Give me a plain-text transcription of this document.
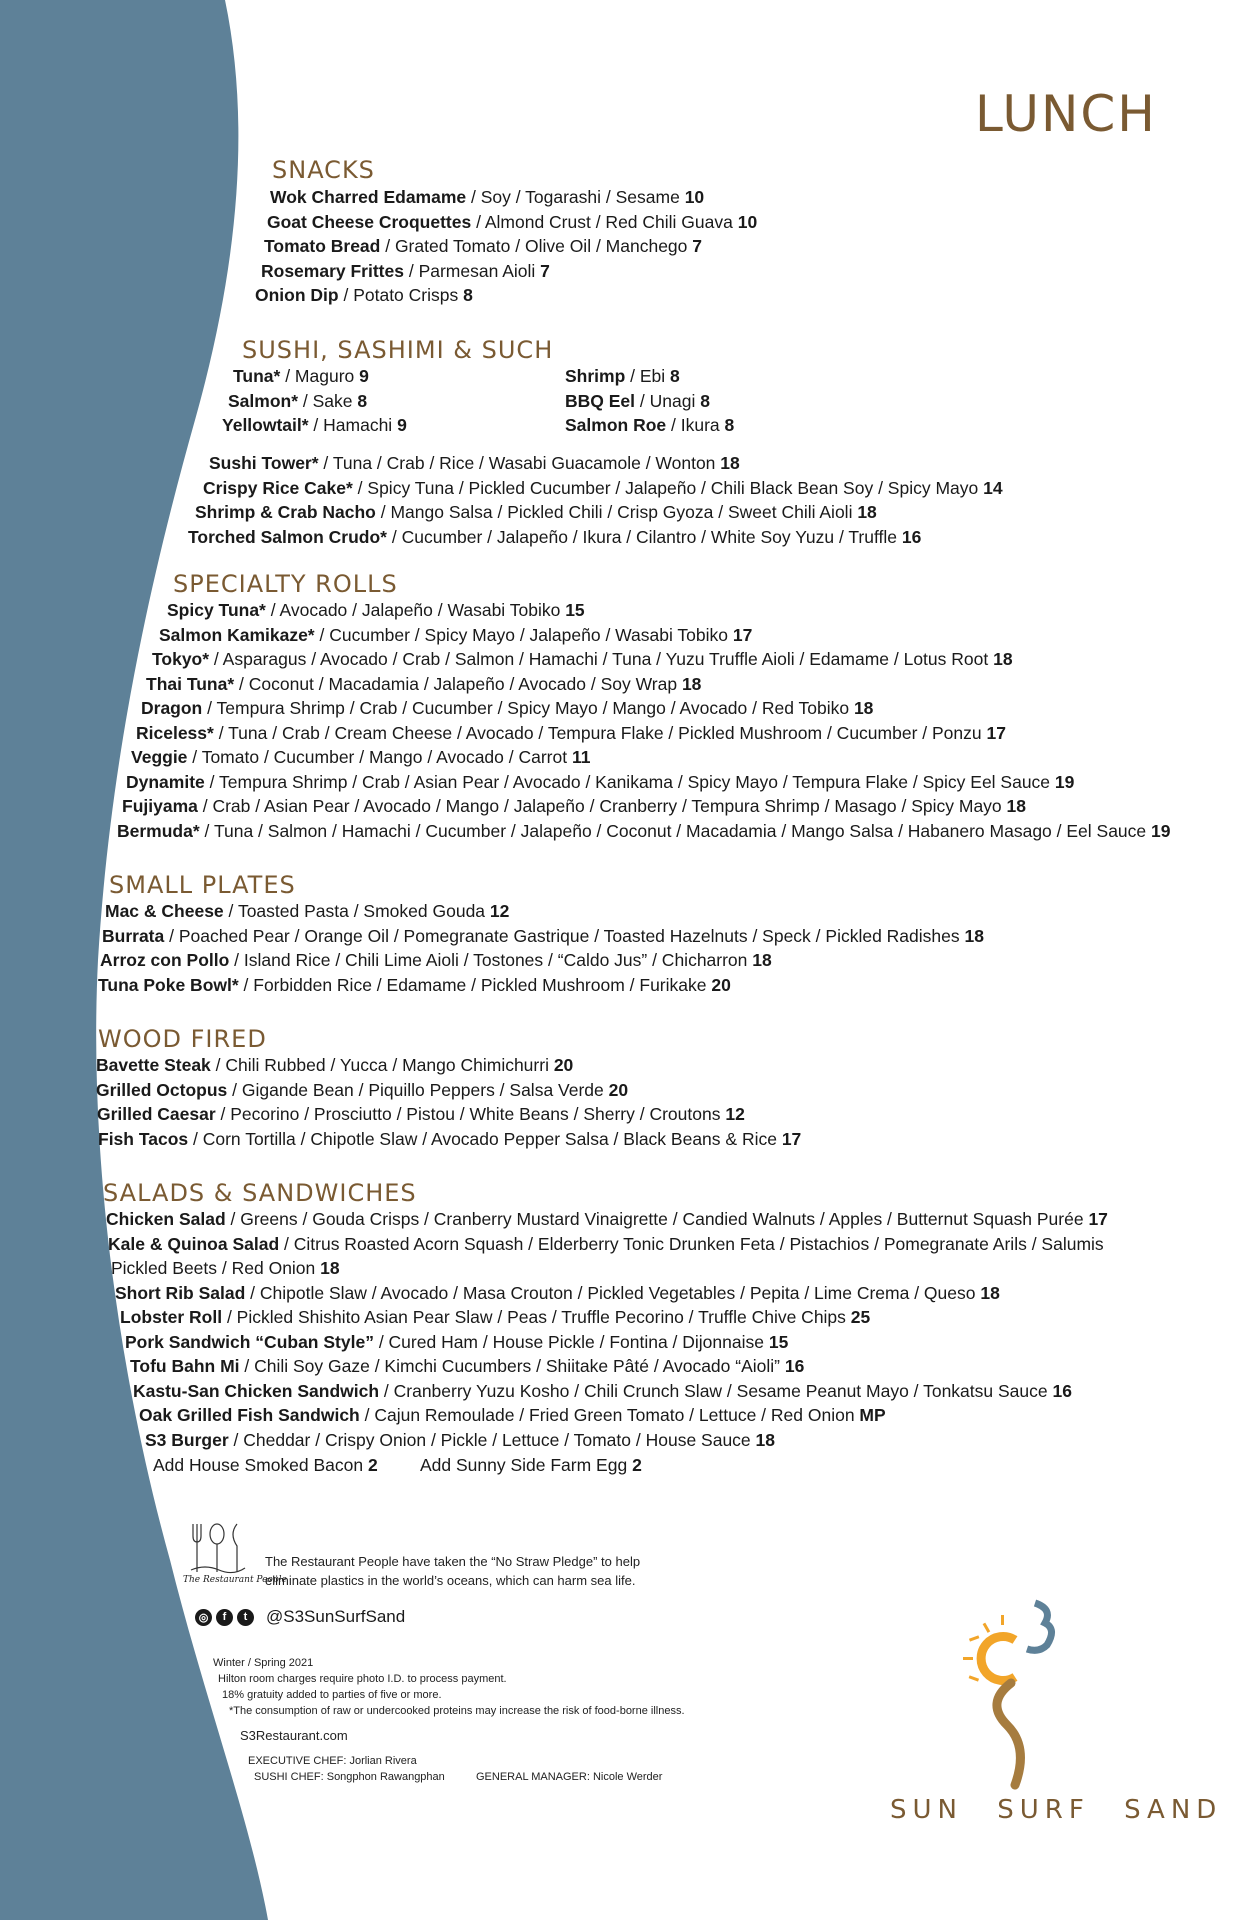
LUNCH
SNACKS
Wok Charred Edamame / Soy / Togarashi / Sesame 10
Goat Cheese Croquettes / Almond Crust / Red Chili Guava 10
Tomato Bread / Grated Tomato / Olive Oil / Manchego 7
Rosemary Frittes / Parmesan Aioli 7
Onion Dip / Potato Crisps 8
SUSHI, SASHIMI & SUCH
Tuna* / Maguro 9
Salmon* / Sake 8
Yellowtail* / Hamachi 9
Shrimp / Ebi 8
BBQ Eel / Unagi 8
Salmon Roe / Ikura 8
Sushi Tower* / Tuna / Crab / Rice / Wasabi Guacamole / Wonton 18
Crispy Rice Cake* / Spicy Tuna / Pickled Cucumber / Jalapeño / Chili Black Bean Soy / Spicy Mayo 14
Shrimp & Crab Nacho / Mango Salsa / Pickled Chili / Crisp Gyoza / Sweet Chili Aioli 18
Torched Salmon Crudo* / Cucumber / Jalapeño / Ikura / Cilantro / White Soy Yuzu / Truffle 16
SPECIALTY ROLLS
Spicy Tuna* / Avocado / Jalapeño / Wasabi Tobiko 15
Salmon Kamikaze* / Cucumber / Spicy Mayo / Jalapeño / Wasabi Tobiko 17
Tokyo* / Asparagus / Avocado / Crab / Salmon / Hamachi / Tuna / Yuzu Truffle Aioli / Edamame / Lotus Root 18
Thai Tuna* / Coconut / Macadamia / Jalapeño / Avocado / Soy Wrap 18
Dragon / Tempura Shrimp / Crab / Cucumber / Spicy Mayo / Mango / Avocado / Red Tobiko 18
Riceless* / Tuna / Crab / Cream Cheese / Avocado / Tempura Flake / Pickled Mushroom / Cucumber / Ponzu 17
Veggie / Tomato / Cucumber / Mango / Avocado / Carrot 11
Dynamite / Tempura Shrimp / Crab / Asian Pear / Avocado / Kanikama / Spicy Mayo / Tempura Flake / Spicy Eel Sauce 19
Fujiyama / Crab / Asian Pear / Avocado / Mango / Jalapeño / Cranberry / Tempura Shrimp / Masago / Spicy Mayo 18
Bermuda* / Tuna / Salmon / Hamachi / Cucumber / Jalapeño / Coconut / Macadamia / Mango Salsa / Habanero Masago / Eel Sauce 19
SMALL PLATES
Mac & Cheese / Toasted Pasta / Smoked Gouda 12
Burrata / Poached Pear / Orange Oil / Pomegranate Gastrique / Toasted Hazelnuts / Speck / Pickled Radishes 18
Arroz con Pollo / Island Rice / Chili Lime Aioli / Tostones / “Caldo Jus” / Chicharron 18
Tuna Poke Bowl* / Forbidden Rice / Edamame / Pickled Mushroom / Furikake 20
WOOD FIRED
Bavette Steak / Chili Rubbed / Yucca / Mango Chimichurri 20
Grilled Octopus / Gigande Bean / Piquillo Peppers / Salsa Verde 20
Grilled Caesar / Pecorino / Prosciutto / Pistou / White Beans / Sherry / Croutons 12
Fish Tacos / Corn Tortilla / Chipotle Slaw / Avocado Pepper Salsa / Black Beans & Rice 17
SALADS & SANDWICHES
Chicken Salad / Greens / Gouda Crisps / Cranberry Mustard Vinaigrette / Candied Walnuts / Apples / Butternut Squash Purée 17
Kale & Quinoa Salad / Citrus Roasted Acorn Squash / Elderberry Tonic Drunken Feta / Pistachios / Pomegranate Arils / Salumis
Pickled Beets / Red Onion 18
Short Rib Salad / Chipotle Slaw / Avocado / Masa Crouton / Pickled Vegetables / Pepita / Lime Crema / Queso 18
Lobster Roll / Pickled Shishito Asian Pear Slaw / Peas / Truffle Pecorino / Truffle Chive Chips 25
Pork Sandwich “Cuban Style” / Cured Ham / House Pickle / Fontina / Dijonnaise 15
Tofu Bahn Mi / Chili Soy Gaze / Kimchi Cucumbers / Shiitake Pâté / Avocado “Aioli” 16
Kastu-San Chicken Sandwich / Cranberry Yuzu Kosho / Chili Crunch Slaw / Sesame Peanut Mayo / Tonkatsu Sauce 16
Oak Grilled Fish Sandwich / Cajun Remoulade / Fried Green Tomato / Lettuce / Red Onion MP
S3 Burger / Cheddar / Crispy Onion / Pickle / Lettuce / Tomato / House Sauce 18
Add House Smoked Bacon 2 Add Sunny Side Farm Egg 2
The Restaurant People
The Restaurant People have taken the “No Straw Pledge” to help
eliminate plastics in the world’s oceans, which can harm sea life.
◎	f	t	@S3SunSurfSand
Winter / Spring 2021
Hilton room charges require photo I.D. to process payment.
18% gratuity added to parties of five or more.
*The consumption of raw or undercooked proteins may increase the risk of food-borne illness.
S3Restaurant.com
EXECUTIVE CHEF: Jorlian Rivera
SUSHI CHEF: Songphon Rawangphan	GENERAL MANAGER: Nicole Werder
SUN SURF SAND
